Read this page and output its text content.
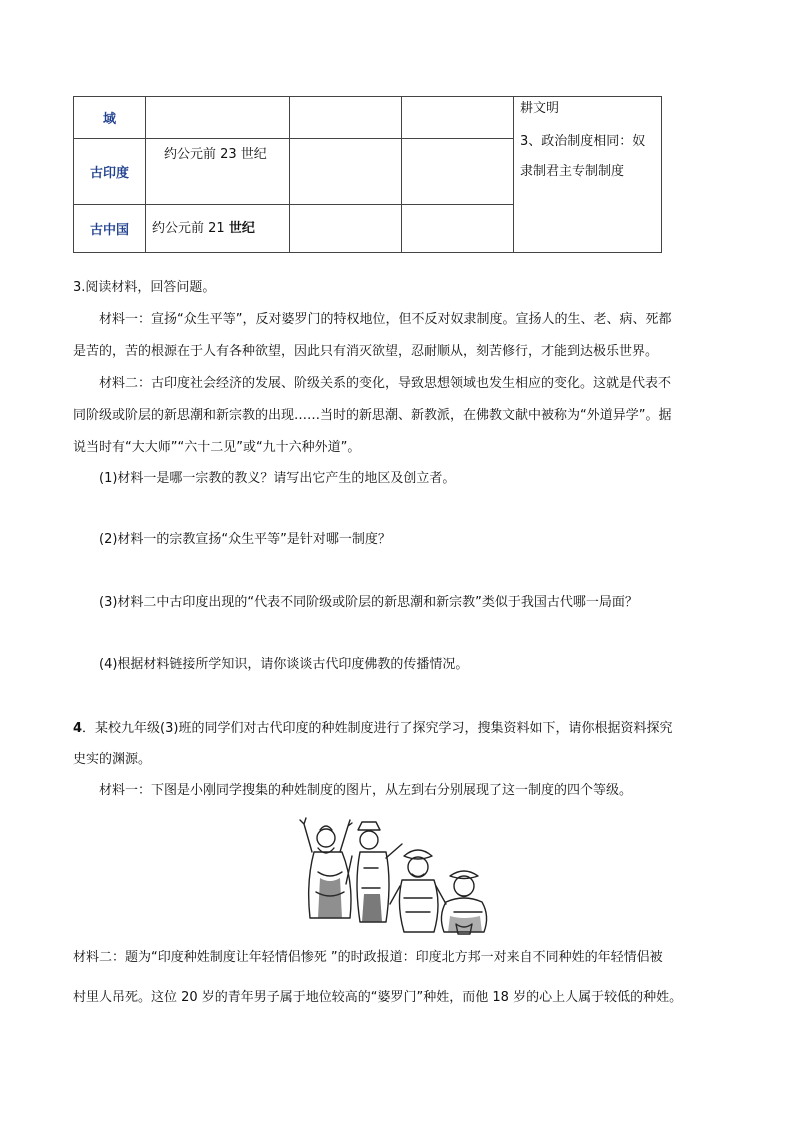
域				耕文明
3、政治制度相同：奴
隶制君主专制制度

古印度	约公元前 23 世纪			
古中国	约公元前 21 世纪			
3.阅读材料，回答问题。
材料一：宣扬“众生平等”，反对婆罗门的特权地位，但不反对奴隶制度。宣扬人的生、老、病、死都
是苦的，苦的根源在于人有各种欲望，因此只有消灭欲望，忍耐顺从，刻苦修行，才能到达极乐世界。
材料二：古印度社会经济的发展、阶级关系的变化，导致思想领域也发生相应的变化。这就是代表不
同阶级或阶层的新思潮和新宗教的出现……当时的新思潮、新教派，在佛教文献中被称为“外道异学”。据
说当时有“大大师”“六十二见”或“九十六种外道”。
(1)材料一是哪一宗教的教义？请写出它产生的地区及创立者。
(2)材料一的宗教宣扬“众生平等”是针对哪一制度？
(3)材料二中古印度出现的“代表不同阶级或阶层的新思潮和新宗教”类似于我国古代哪一局面？
(4)根据材料链接所学知识，请你谈谈古代印度佛教的传播情况。
4．某校九年级(3)班的同学们对古代印度的种姓制度进行了探究学习，搜集资料如下，请你根据资料探究
史实的渊源。
材料一：下图是小刚同学搜集的种姓制度的图片，从左到右分别展现了这一制度的四个等级。
材料二：题为“印度种姓制度让年轻情侣惨死 ”的时政报道：印度北方邦一对来自不同种姓的年轻情侣被
村里人吊死。这位 20 岁的青年男子属于地位较高的“婆罗门”种姓，而他 18 岁的心上人属于较低的种姓。
